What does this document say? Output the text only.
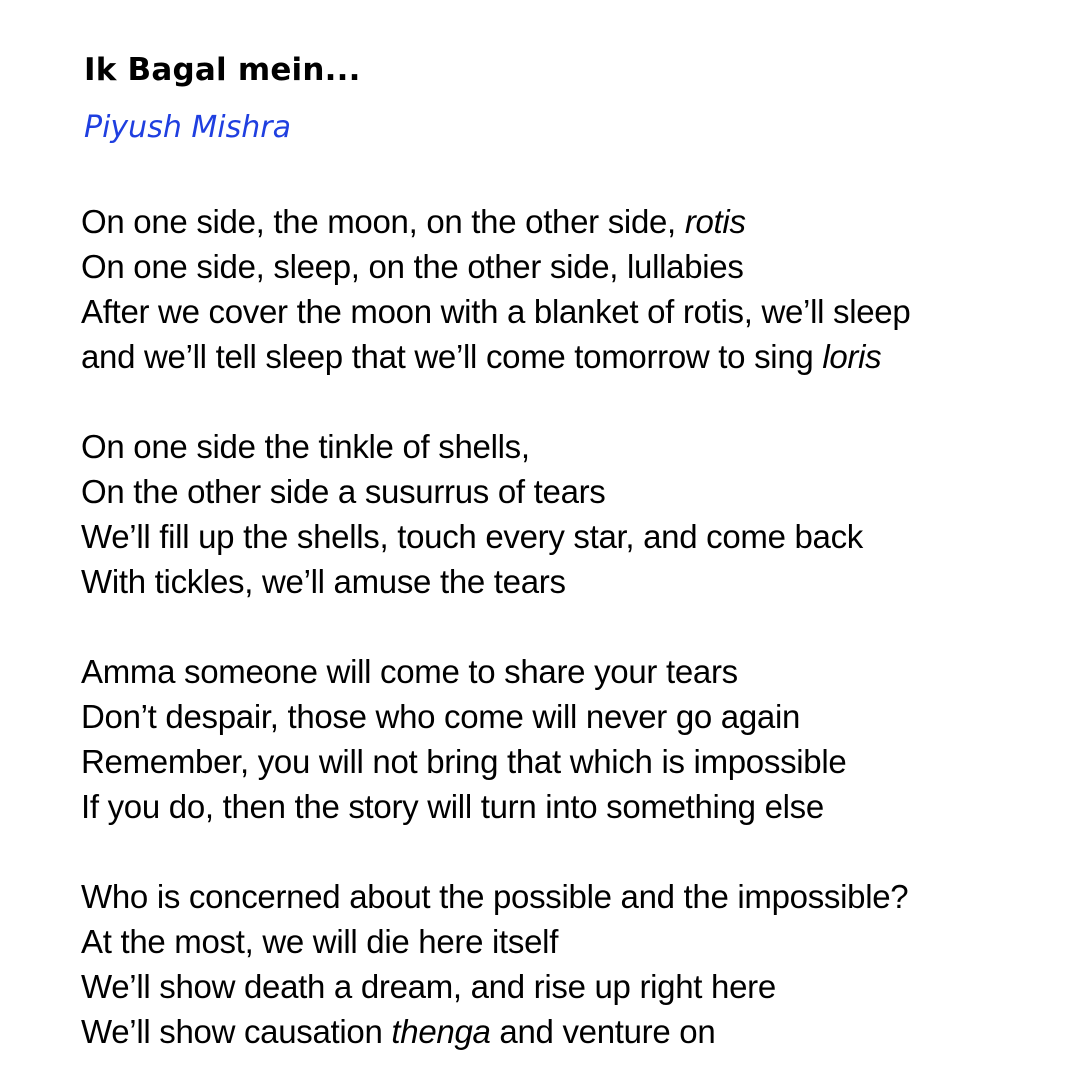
Ik Bagal mein...
Piyush Mishra
On one side, the moon, on the other side, rotis
On one side, sleep, on the other side, lullabies
After we cover the moon with a blanket of rotis, we’ll sleep
and we’ll tell sleep that we’ll come tomorrow to sing loris
On one side the tinkle of shells,
On the other side a susurrus of tears
We’ll fill up the shells, touch every star, and come back
With tickles, we’ll amuse the tears
Amma someone will come to share your tears
Don’t despair, those who come will never go again
Remember, you will not bring that which is impossible
If you do, then the story will turn into something else
Who is concerned about the possible and the impossible?
At the most, we will die here itself
We’ll show death a dream, and rise up right here
We’ll show causation thenga and venture on
